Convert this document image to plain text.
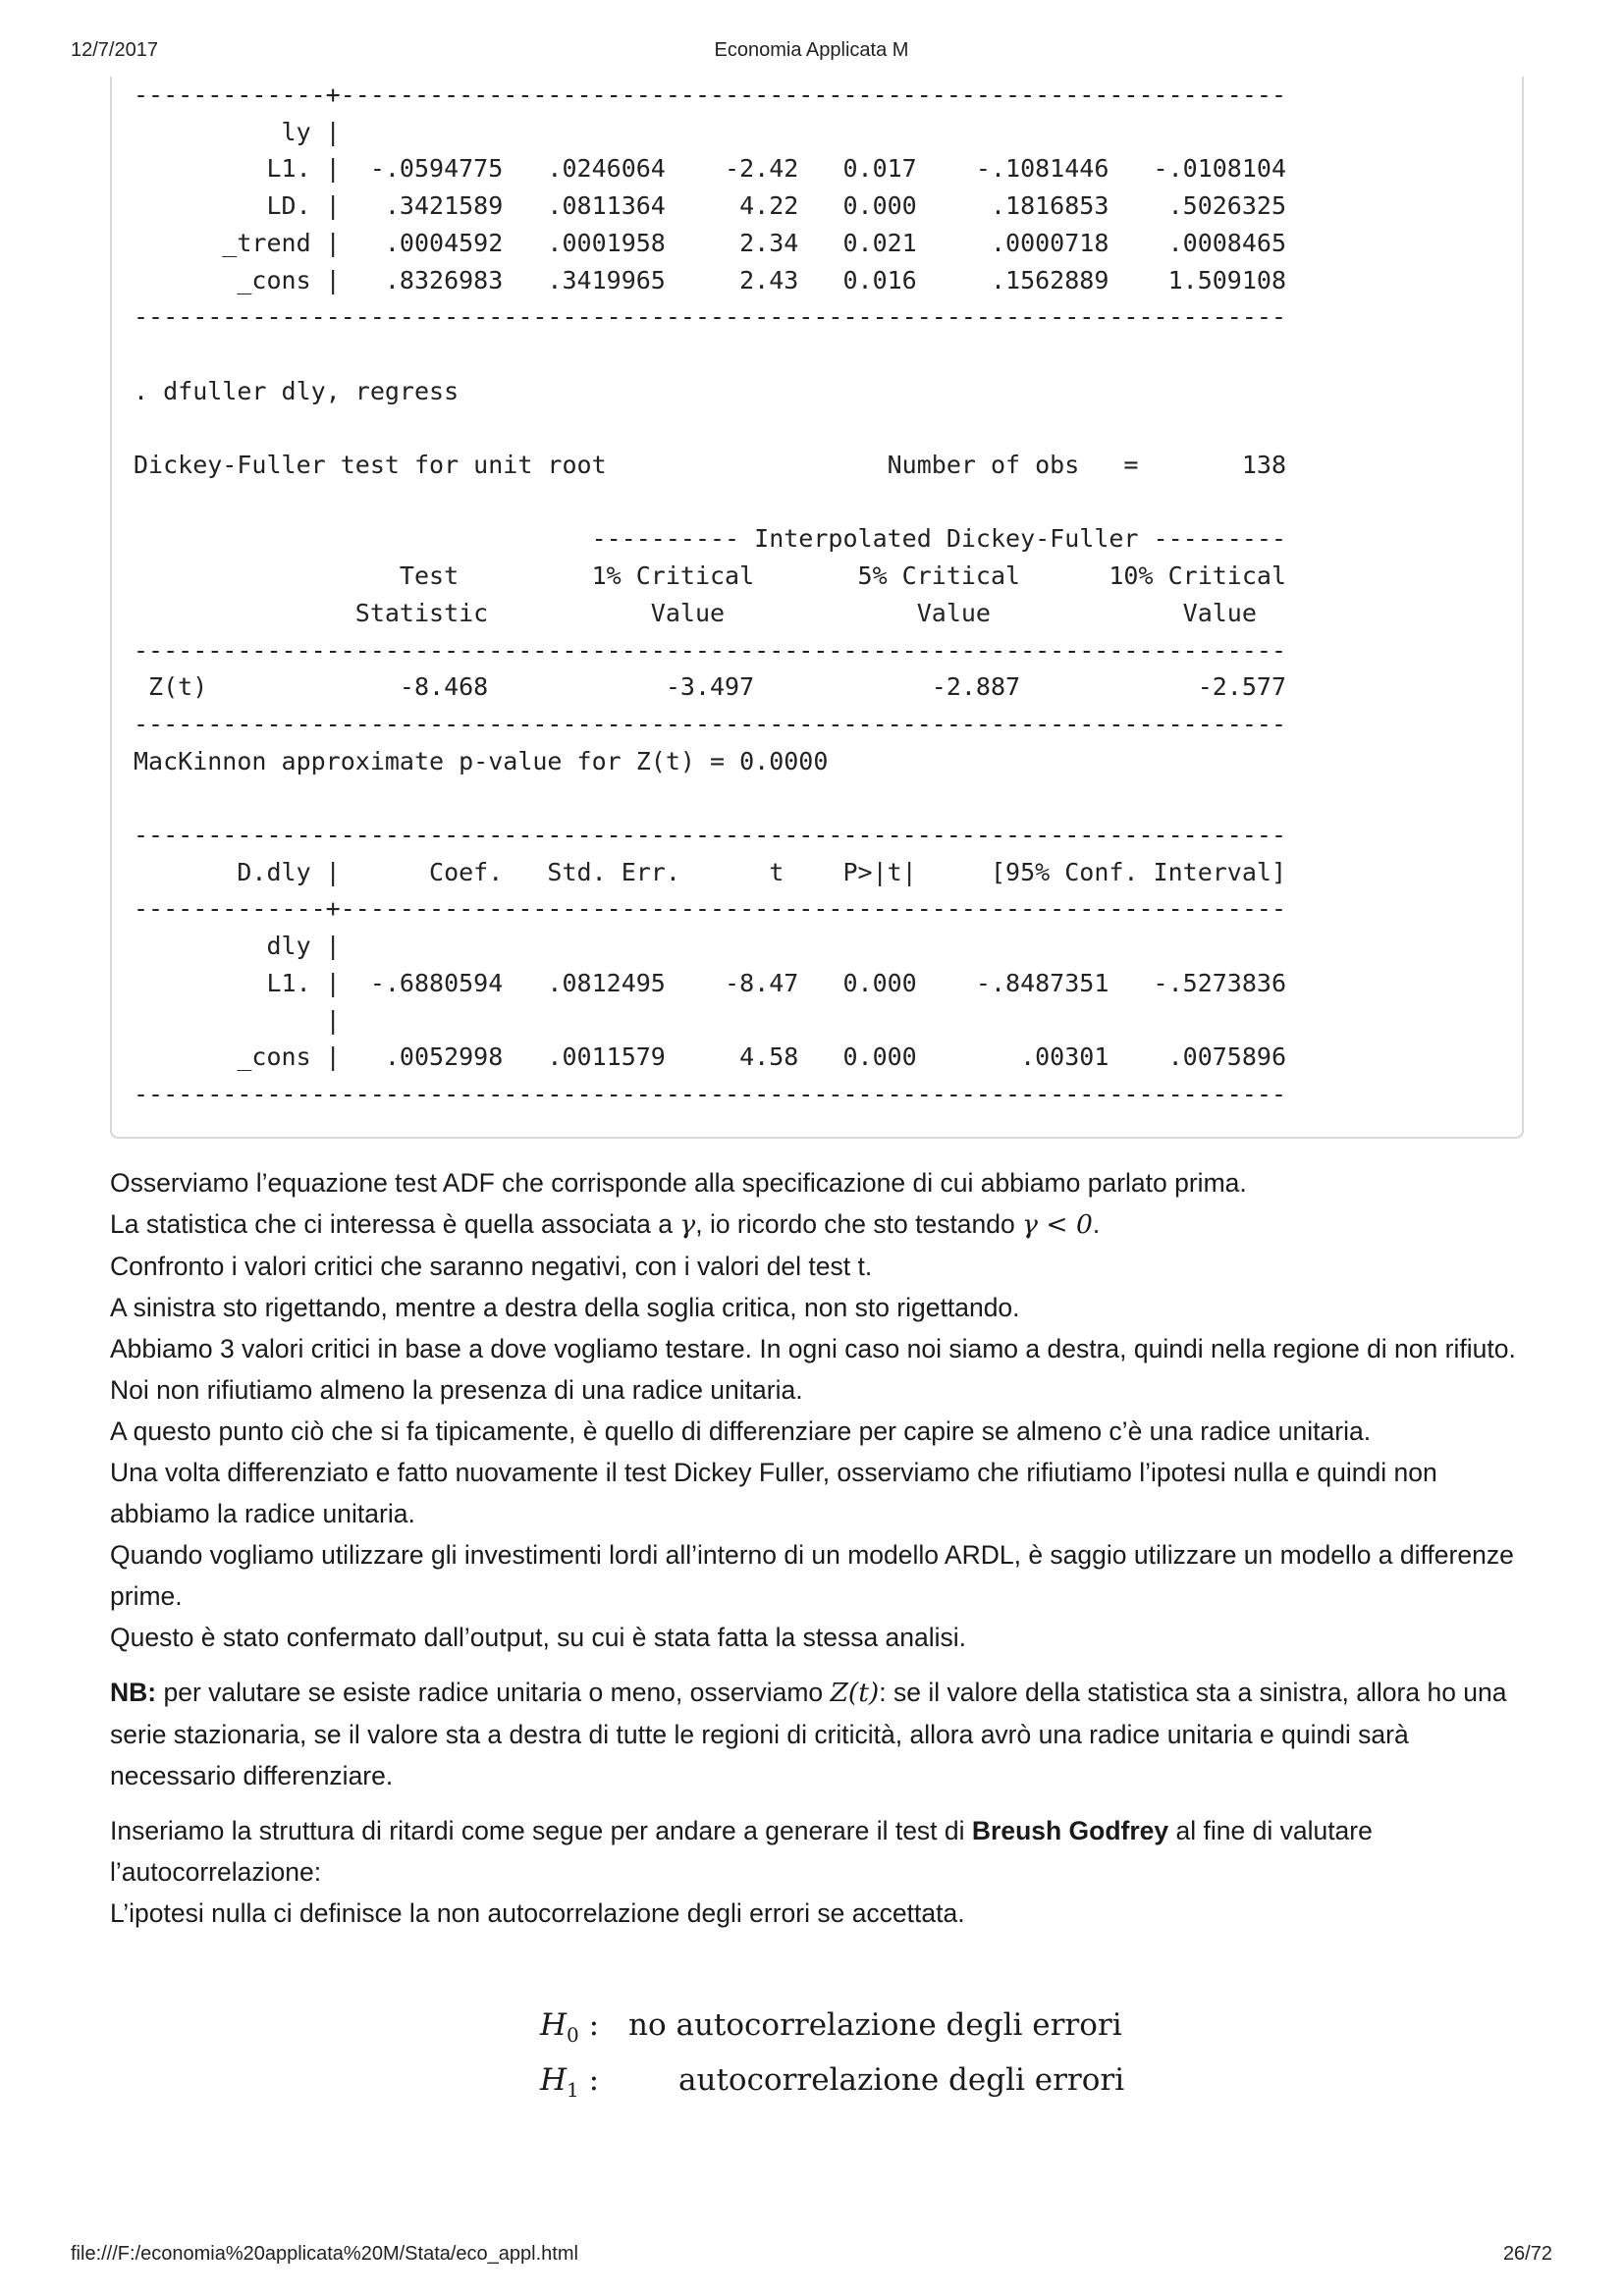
12/7/2017	Economia Applicata M
-------------+----------------------------------------------------------------
ly |
L1. |  -.0594775   .0246064    -2.42   0.017    -.1081446   -.0108104
LD. |   .3421589   .0811364     4.22   0.000     .1816853    .5026325
_trend |   .0004592   .0001958     2.34   0.021     .0000718    .0008465
_cons |   .8326983   .3419965     2.43   0.016     .1562889    1.509108
------------------------------------------------------------------------------

. dfuller dly, regress

Dickey-Fuller test for unit root                   Number of obs   =       138

---------- Interpolated Dickey-Fuller ---------
Test         1% Critical       5% Critical      10% Critical
Statistic           Value             Value             Value
------------------------------------------------------------------------------
Z(t)             -8.468            -3.497            -2.887            -2.577
------------------------------------------------------------------------------
MacKinnon approximate p-value for Z(t) = 0.0000

------------------------------------------------------------------------------
D.dly |      Coef.   Std. Err.      t    P>|t|     [95% Conf. Interval]
-------------+----------------------------------------------------------------
dly |
L1. |  -.6880594   .0812495    -8.47   0.000    -.8487351   -.5273836
|
_cons |   .0052998   .0011579     4.58   0.000       .00301    .0075896
------------------------------------------------------------------------------

Osserviamo l’equazione test ADF che corrisponde alla specificazione di cui abbiamo parlato prima.

La statistica che ci interessa è quella associata a γ, io ricordo che sto testando γ < 0.

Confronto i valori critici che saranno negativi, con i valori del test t.

A sinistra sto rigettando, mentre a destra della soglia critica, non sto rigettando.

Abbiamo 3 valori critici in base a dove vogliamo testare. In ogni caso noi siamo a destra, quindi nella regione di non rifiuto. Noi non rifiutiamo almeno la presenza di una radice unitaria.

A questo punto ciò che si fa tipicamente, è quello di differenziare per capire se almeno c’è una radice unitaria.

Una volta differenziato e fatto nuovamente il test Dickey Fuller, osserviamo che rifiutiamo l’ipotesi nulla e quindi non abbiamo la radice unitaria.

Quando vogliamo utilizzare gli investimenti lordi all’interno di un modello ARDL, è saggio utilizzare un modello a differenze prime.

Questo è stato confermato dall’output, su cui è stata fatta la stessa analisi.

NB: per valutare se esiste radice unitaria o meno, osserviamo Z(t): se il valore della statistica sta a sinistra, allora ho una serie stazionaria, se il valore sta a destra di tutte le regioni di criticità, allora avrò una radice unitaria e quindi sarà necessario differenziare.

Inseriamo la struttura di ritardi come segue per andare a generare il test di Breush Godfrey al fine di valutare l’autocorrelazione:

L’ipotesi nulla ci definisce la non autocorrelazione degli errori se accettata.

$H_0$ : no autocorrelazione degli errori
$H_1$ :	autocorrelazione degli errori
file:///F:/economia%20applicata%20M/Stata/eco_appl.html	26/72
